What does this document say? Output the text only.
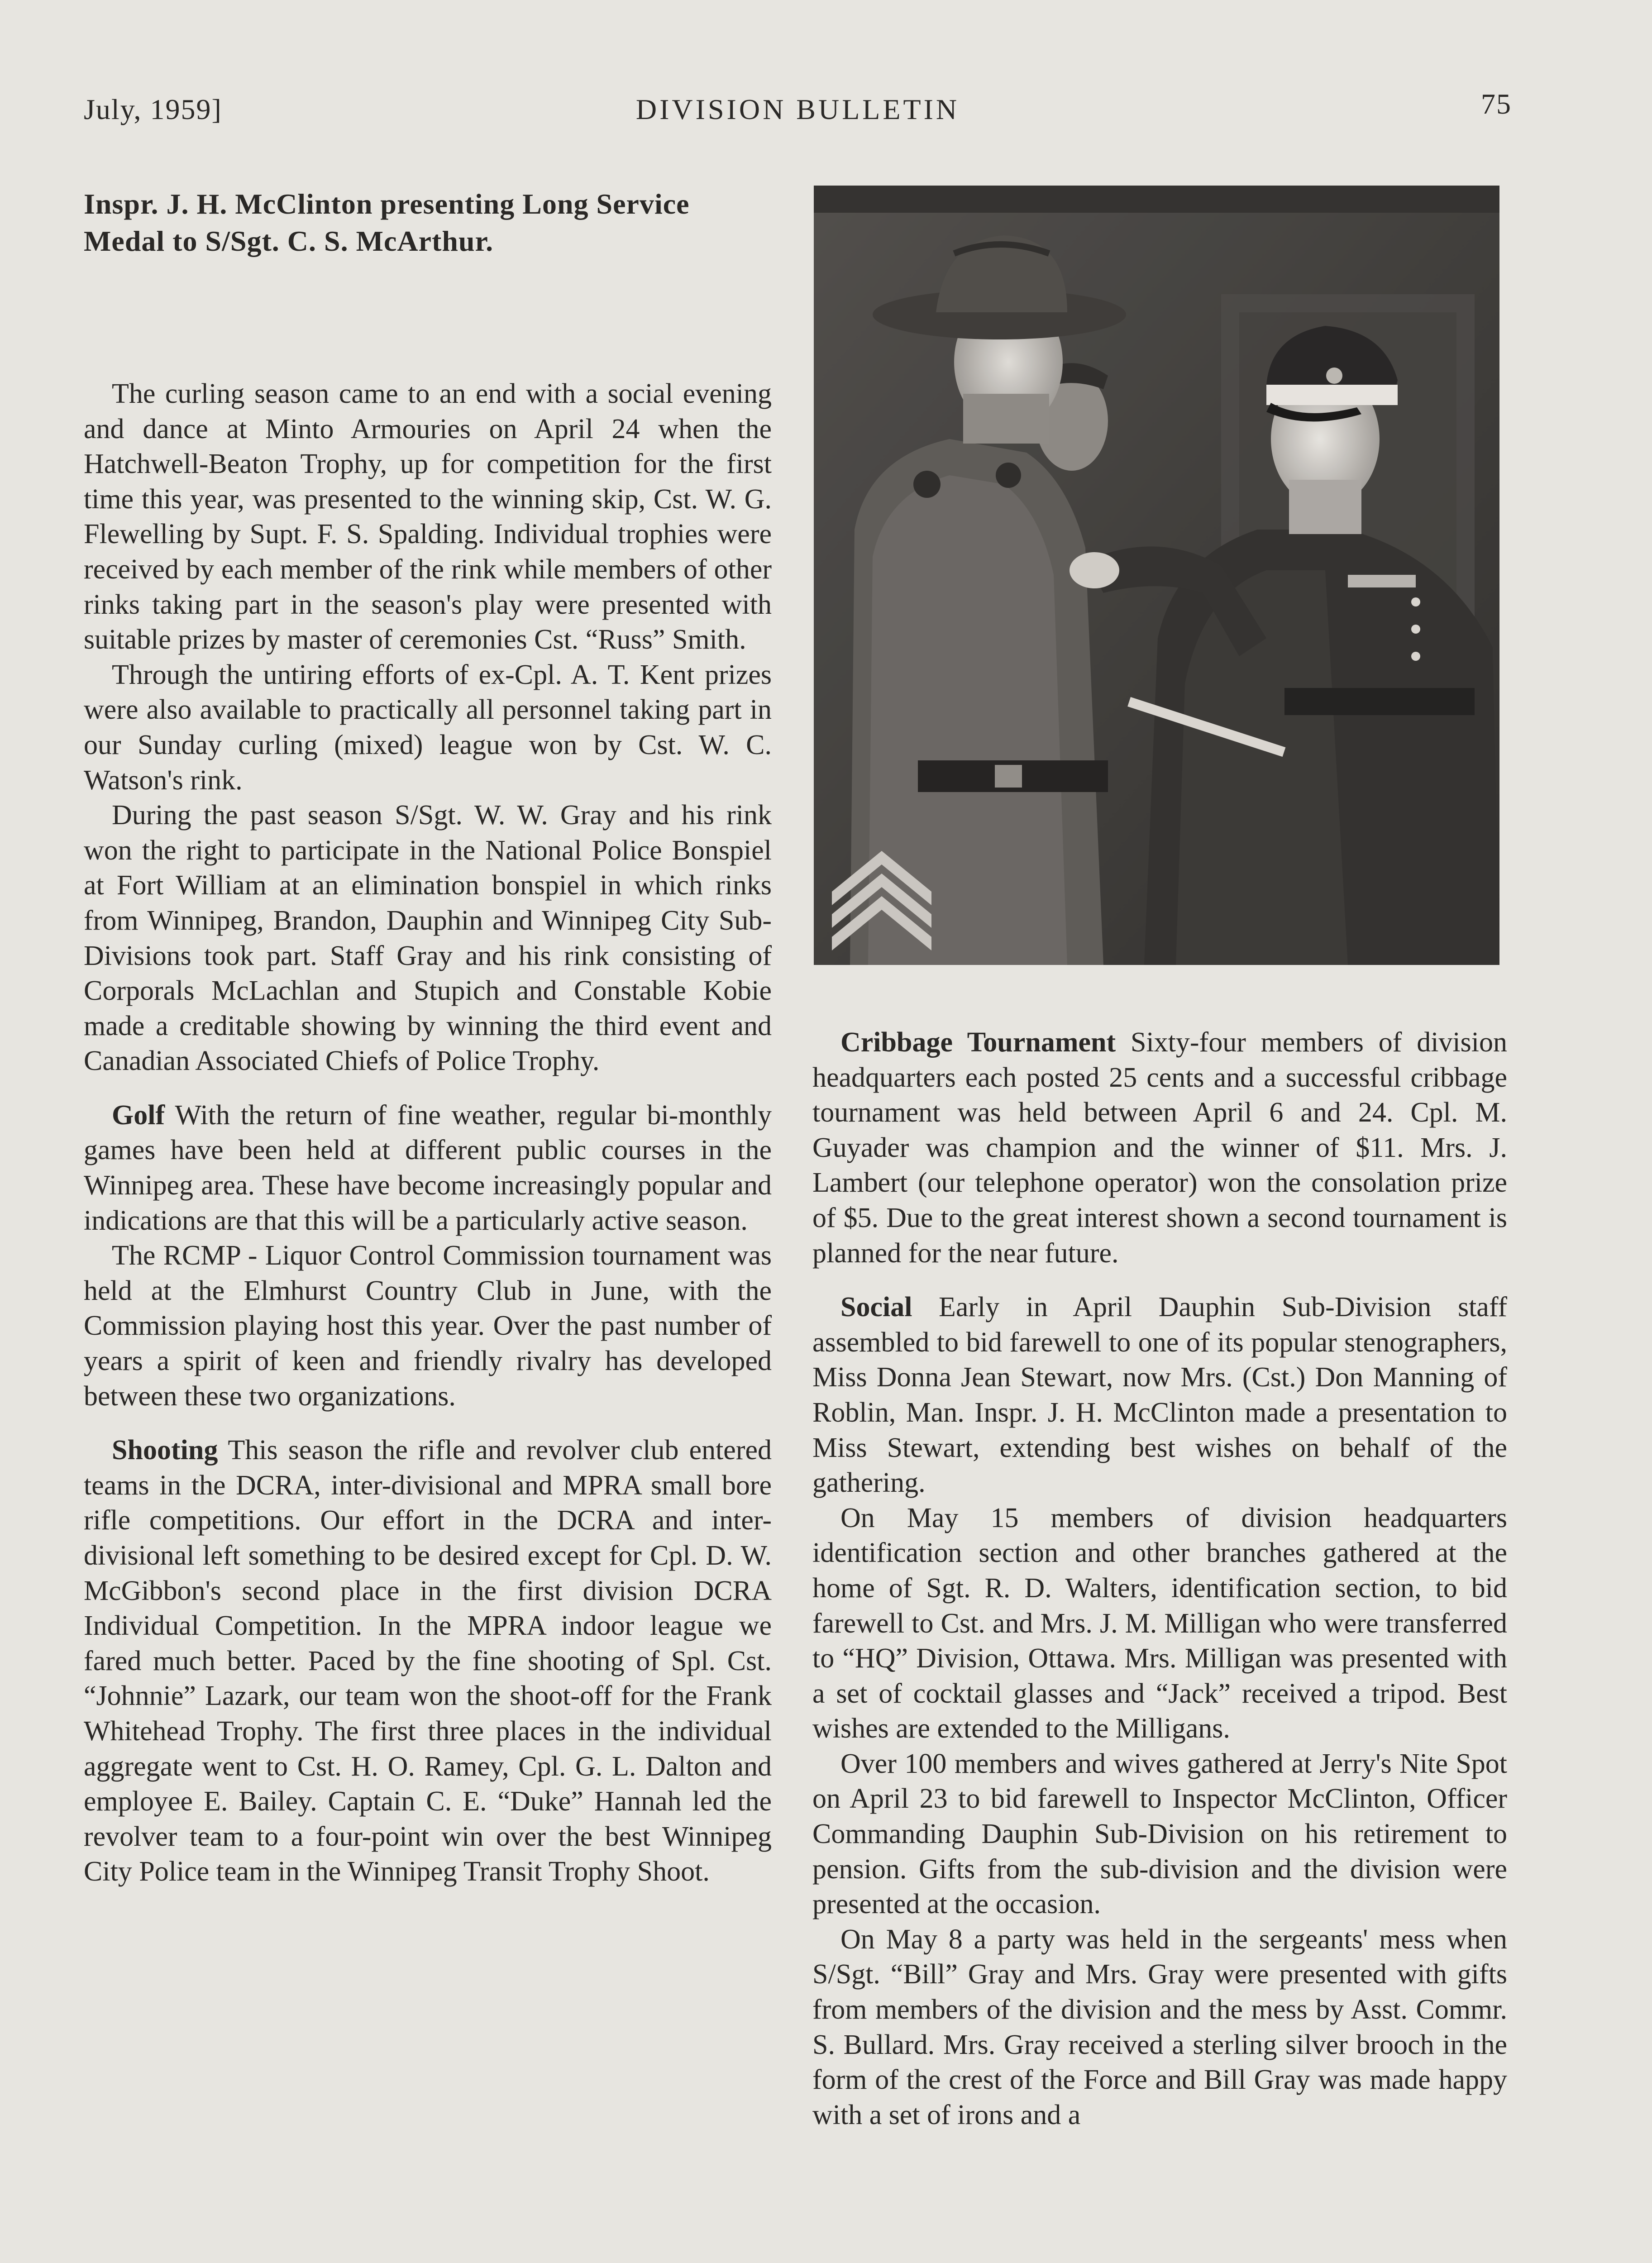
July, 1959]	DIVISION BULLETIN	75
Inspr. J. H. McClinton presenting Long Service Medal to S/Sgt. C. S. McArthur.

The curling season came to an end with a social evening and dance at Minto Armouries on April 24 when the Hatchwell-Beaton Trophy, up for competition for the first time this year, was presented to the winning skip, Cst. W. G. Flewelling by Supt. F. S. Spalding. Individual trophies were received by each member of the rink while members of other rinks taking part in the season's play were presented with suitable prizes by master of ceremonies Cst. “Russ” Smith.

Through the untiring efforts of ex-Cpl. A. T. Kent prizes were also available to practically all personnel taking part in our Sunday curling (mixed) league won by Cst. W. C. Watson's rink.

During the past season S/Sgt. W. W. Gray and his rink won the right to participate in the National Police Bonspiel at Fort William at an elimination bonspiel in which rinks from Winnipeg, Brandon, Dauphin and Winnipeg City Sub-Divisions took part. Staff Gray and his rink consisting of Corporals McLachlan and Stupich and Constable Kobie made a creditable showing by winning the third event and Canadian Associated Chiefs of Police Trophy.

Golf With the return of fine weather, regular bi-monthly games have been held at different public courses in the Winnipeg area. These have become increasingly popular and indications are that this will be a particularly active season.

The RCMP - Liquor Control Commission tournament was held at the Elmhurst Country Club in June, with the Commission playing host this year. Over the past number of years a spirit of keen and friendly rivalry has developed between these two organizations.

Shooting This season the rifle and revolver club entered teams in the DCRA, inter-divisional and MPRA small bore rifle competitions. Our effort in the DCRA and inter-divisional left something to be desired except for Cpl. D. W. McGibbon's second place in the first division DCRA Individual Competition. In the MPRA indoor league we fared much better. Paced by the fine shooting of Spl. Cst. “Johnnie” Lazark, our team won the shoot-off for the Frank Whitehead Trophy. The first three places in the individual aggregate went to Cst. H. O. Ramey, Cpl. G. L. Dalton and employee E. Bailey. Captain C. E. “Duke” Hannah led the revolver team to a four-point win over the best Winnipeg City Police team in the Winnipeg Transit Trophy Shoot.

Cribbage Tournament Sixty-four members of division headquarters each posted 25 cents and a successful cribbage tournament was held between April 6 and 24. Cpl. M. Guyader was champion and the winner of $11. Mrs. J. Lambert (our telephone operator) won the consolation prize of $5. Due to the great interest shown a second tournament is planned for the near future.

Social Early in April Dauphin Sub-Division staff assembled to bid farewell to one of its popular stenographers, Miss Donna Jean Stewart, now Mrs. (Cst.) Don Manning of Roblin, Man. Inspr. J. H. McClinton made a presentation to Miss Stewart, extending best wishes on behalf of the gathering.

On May 15 members of division headquarters identification section and other branches gathered at the home of Sgt. R. D. Walters, identification section, to bid farewell to Cst. and Mrs. J. M. Milligan who were transferred to “HQ” Division, Ottawa. Mrs. Milligan was presented with a set of cocktail glasses and “Jack” received a tripod. Best wishes are extended to the Milligans.

Over 100 members and wives gathered at Jerry's Nite Spot on April 23 to bid farewell to Inspector McClinton, Officer Commanding Dauphin Sub-Division on his retirement to pension. Gifts from the sub-division and the division were presented at the occasion.

On May 8 a party was held in the sergeants' mess when S/Sgt. “Bill” Gray and Mrs. Gray were presented with gifts from members of the division and the mess by Asst. Commr. S. Bullard. Mrs. Gray received a sterling silver brooch in the form of the crest of the Force and Bill Gray was made happy with a set of irons and a
